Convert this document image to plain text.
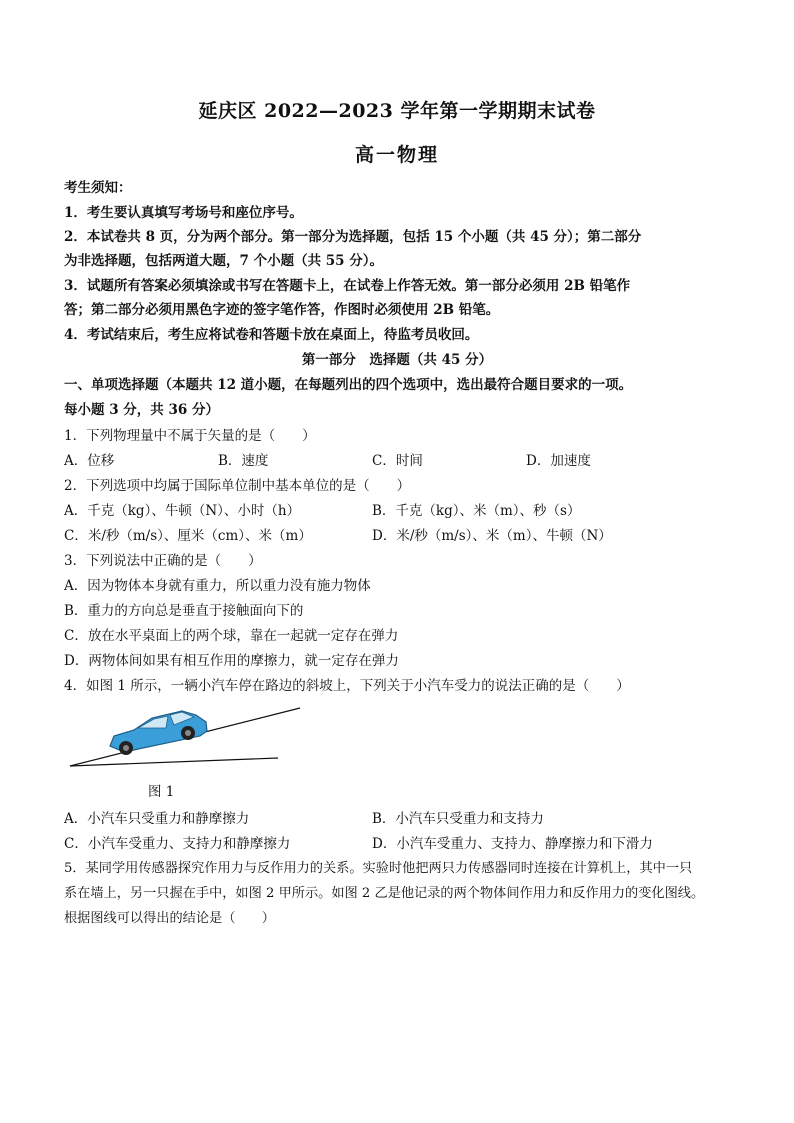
延庆区 2022—2023 学年第一学期期末试卷
高一物理
考生须知：
1．考生要认真填写考场号和座位序号。
2．本试卷共 8 页，分为两个部分。第一部分为选择题，包括 15 个小题（共 45 分）；第二部分
为非选择题，包括两道大题，7 个小题（共 55 分）。
3．试题所有答案必须填涂或书写在答题卡上，在试卷上作答无效。第一部分必须用 2B 铅笔作
答；第二部分必须用黑色字迹的签字笔作答，作图时必须使用 2B 铅笔。
4．考试结束后，考生应将试卷和答题卡放在桌面上，待监考员收回。
第一部分　选择题（共 45 分）
一、单项选择题（本题共 12 道小题，在每题列出的四个选项中，选出最符合题目要求的一项。
每小题 3 分，共 36 分）
1．下列物理量中不属于矢量的是（　　）
A．位移	B．速度	C．时间	D．加速度
2．下列选项中均属于国际单位制中基本单位的是（　　）
A．千克（kg）、牛顿（N）、小时（h）	B．千克（kg）、米（m）、秒（s）
C．米/秒（m/s）、厘米（cm）、米（m）	D．米/秒（m/s）、米（m）、牛顿（N）
3．下列说法中正确的是（　　）
A．因为物体本身就有重力，所以重力没有施力物体
B．重力的方向总是垂直于接触面向下的
C．放在水平桌面上的两个球，靠在一起就一定存在弹力
D．两物体间如果有相互作用的摩擦力，就一定存在弹力
4．如图 1 所示，一辆小汽车停在路边的斜坡上，下列关于小汽车受力的说法正确的是（　　）
图 1
A．小汽车只受重力和静摩擦力	B．小汽车只受重力和支持力
C．小汽车受重力、支持力和静摩擦力	D．小汽车受重力、支持力、静摩擦力和下滑力
5．某同学用传感器探究作用力与反作用力的关系。实验时他把两只力传感器同时连接在计算机上，其中一只
系在墙上，另一只握在手中，如图 2 甲所示。如图 2 乙是他记录的两个物体间作用力和反作用力的变化图线。
根据图线可以得出的结论是（　　）
